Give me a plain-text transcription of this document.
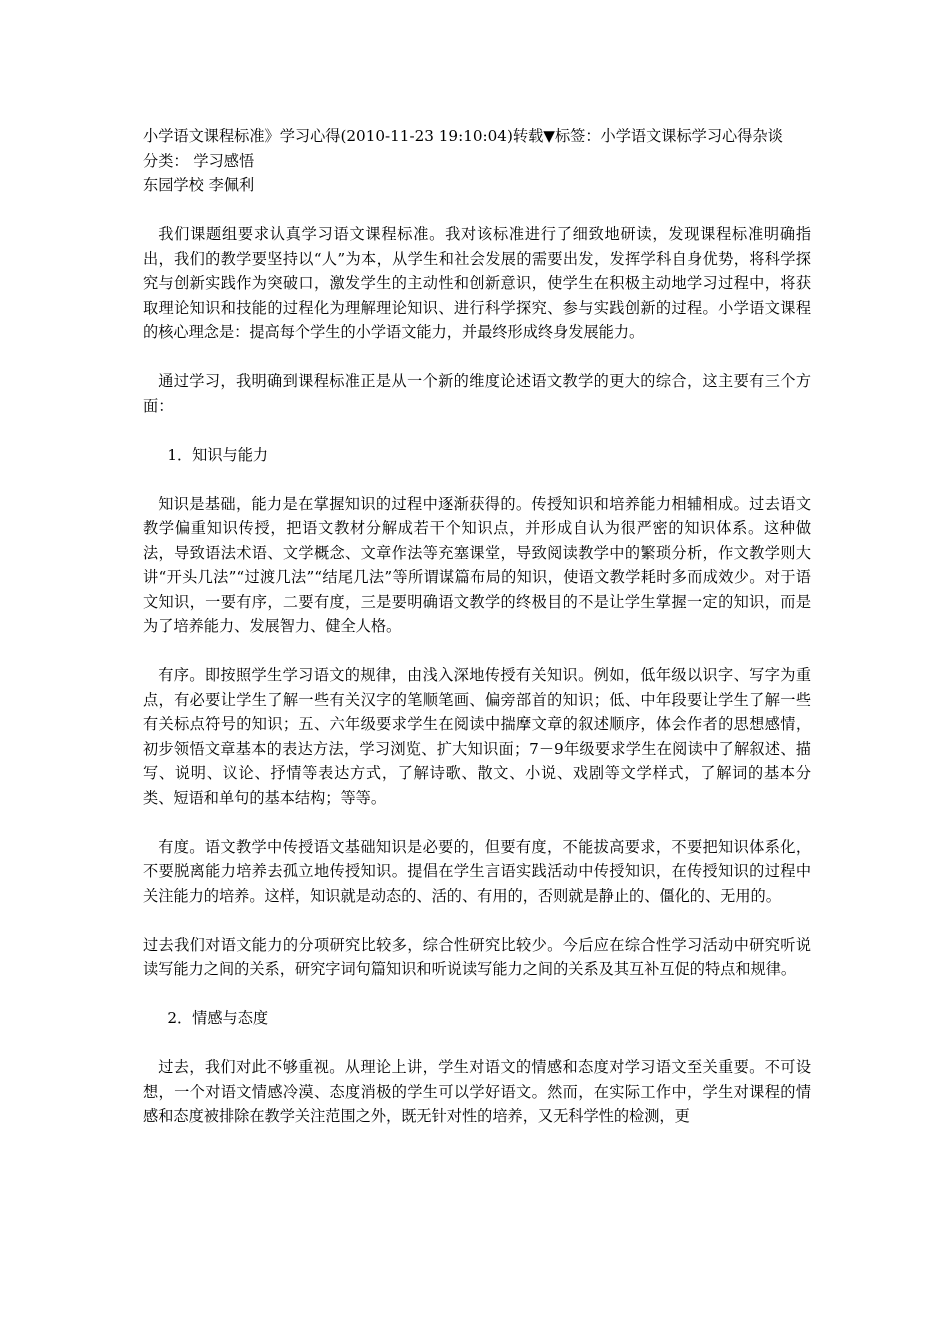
小学语文课程标准》学习心得(2010-11-23 19:10:04)转载▼标签：小学语文课标学习心得杂谈

分类： 学习感悟

东园学校 李佩利

我们课题组要求认真学习语文课程标准。我对该标准进行了细致地研读，发现课程标准明确指出，我们的教学要坚持以“人”为本，从学生和社会发展的需要出发，发挥学科自身优势，将科学探究与创新实践作为突破口，激发学生的主动性和创新意识，使学生在积极主动地学习过程中，将获取理论知识和技能的过程化为理解理论知识、进行科学探究、参与实践创新的过程。小学语文课程的核心理念是：提高每个学生的小学语文能力，并最终形成终身发展能力。

通过学习，我明确到课程标准正是从一个新的维度论述语文教学的更大的综合，这主要有三个方面：

1．知识与能力

知识是基础，能力是在掌握知识的过程中逐渐获得的。传授知识和培养能力相辅相成。过去语文教学偏重知识传授，把语文教材分解成若干个知识点，并形成自认为很严密的知识体系。这种做法，导致语法术语、文学概念、文章作法等充塞课堂，导致阅读教学中的繁琐分析，作文教学则大讲“开头几法”“过渡几法”“结尾几法”等所谓谋篇布局的知识，使语文教学耗时多而成效少。对于语文知识，一要有序，二要有度，三是要明确语文教学的终极目的不是让学生掌握一定的知识，而是为了培养能力、发展智力、健全人格。

有序。即按照学生学习语文的规律，由浅入深地传授有关知识。例如，低年级以识字、写字为重点，有必要让学生了解一些有关汉字的笔顺笔画、偏旁部首的知识；低、中年段要让学生了解一些有关标点符号的知识；五、六年级要求学生在阅读中揣摩文章的叙述顺序，体会作者的思想感情，初步领悟文章基本的表达方法，学习浏览、扩大知识面；7－9年级要求学生在阅读中了解叙述、描写、说明、议论、抒情等表达方式，了解诗歌、散文、小说、戏剧等文学样式，了解词的基本分类、短语和单句的基本结构；等等。

有度。语文教学中传授语文基础知识是必要的，但要有度，不能拔高要求，不要把知识体系化，不要脱离能力培养去孤立地传授知识。提倡在学生言语实践活动中传授知识，在传授知识的过程中关注能力的培养。这样，知识就是动态的、活的、有用的，否则就是静止的、僵化的、无用的。

过去我们对语文能力的分项研究比较多，综合性研究比较少。今后应在综合性学习活动中研究听说读写能力之间的关系，研究字词句篇知识和听说读写能力之间的关系及其互补互促的特点和规律。

2．情感与态度

过去，我们对此不够重视。从理论上讲，学生对语文的情感和态度对学习语文至关重要。不可设想，一个对语文情感冷漠、态度消极的学生可以学好语文。然而，在实际工作中，学生对课程的情感和态度被排除在教学关注范围之外，既无针对性的培养，又无科学性的检测，更
